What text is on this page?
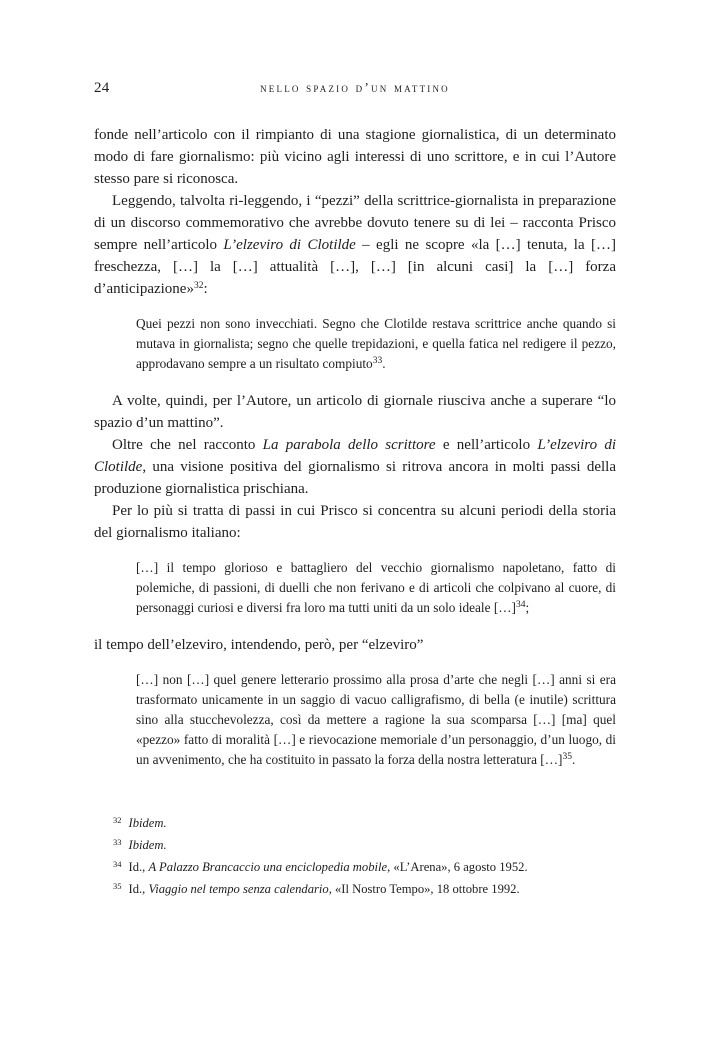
24	nello spazio d’un mattino

fonde nell’articolo con il rimpianto di una stagione giornalistica, di un determinato modo di fare giornalismo: più vicino agli interessi di uno scrittore, e in cui l’Autore stesso pare si riconosca.

Leggendo, talvolta ri-leggendo, i “pezzi” della scrittrice-giornalista in preparazione di un discorso commemorativo che avrebbe dovuto tenere su di lei – racconta Prisco sempre nell’articolo L’elzeviro di Clotilde – egli ne scopre «la […] tenuta, la […] freschezza, […] la […] attualità […], […] [in alcuni casi] la […] forza d’anticipazione»$^{32}$:

Quei pezzi non sono invecchiati. Segno che Clotilde restava scrittrice anche quando si mutava in giornalista; segno che quelle trepidazioni, e quella fatica nel redigere il pezzo, approdavano sempre a un risultato compiuto$^{33}$.

A volte, quindi, per l’Autore, un articolo di giornale riusciva anche a superare “lo spazio d’un mattino”.

Oltre che nel racconto La parabola dello scrittore e nell’articolo L’elzeviro di Clotilde, una visione positiva del giornalismo si ritrova ancora in molti passi della produzione giornalistica prischiana.

Per lo più si tratta di passi in cui Prisco si concentra su alcuni periodi della storia del giornalismo italiano:

[…] il tempo glorioso e battagliero del vecchio giornalismo napoletano, fatto di polemiche, di passioni, di duelli che non ferivano e di articoli che colpivano al cuore, di personaggi curiosi e diversi fra loro ma tutti uniti da un solo ideale […]$^{34}$;

il tempo dell’elzeviro, intendendo, però, per “elzeviro”

[…] non […] quel genere letterario prossimo alla prosa d’arte che negli […] anni si era trasformato unicamente in un saggio di vacuo calligrafismo, di bella (e inutile) scrittura sino alla stucchevolezza, così da mettere a ragione la sua scomparsa […] [ma] quel «pezzo» fatto di moralità […] e rievocazione memoriale d’un personaggio, d’un luogo, di un avvenimento, che ha costituito in passato la forza della nostra letteratura […]$^{35}$.

$^{32}$ Ibidem.

$^{33}$ Ibidem.

$^{34}$ Id., A Palazzo Brancaccio una enciclopedia mobile, «L’Arena», 6 agosto 1952.

$^{35}$ Id., Viaggio nel tempo senza calendario, «Il Nostro Tempo», 18 ottobre 1992.
